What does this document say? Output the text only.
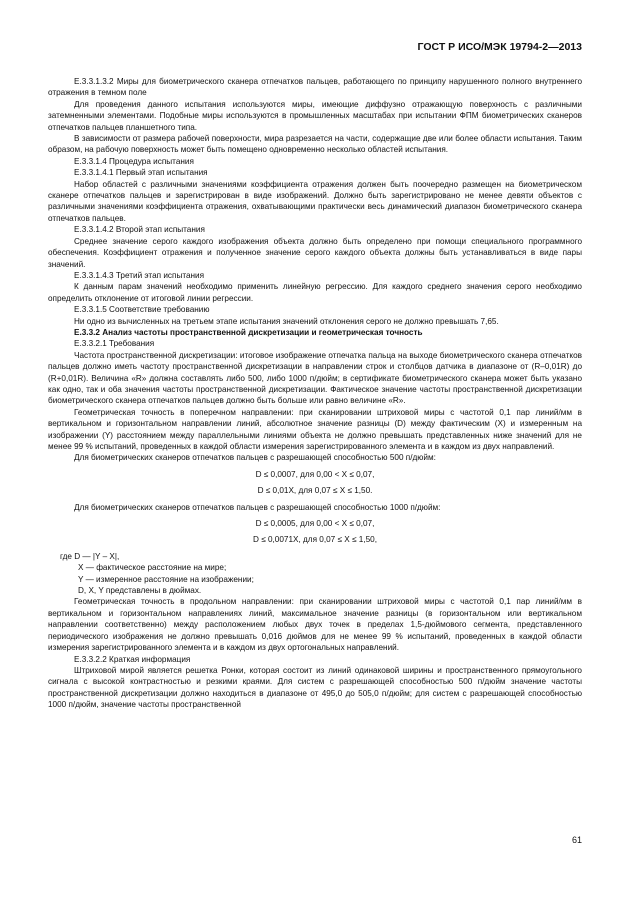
ГОСТ Р ИСО/МЭК 19794-2—2013

Е.3.3.1.3.2 Миры для биометрического сканера отпечатков пальцев, работающего по принципу нарушенного полного внутреннего отражения в темном поле

Для проведения данного испытания используются миры, имеющие диффузно отражающую поверхность с различными затемненными элементами. Подобные миры используются в промышленных масштабах при испытании ФПМ биометрических сканеров отпечатков пальцев планшетного типа.

В зависимости от размера рабочей поверхности, мира разрезается на части, содержащие две или более области испытания. Таким образом, на рабочую поверхность может быть помещено одновременно несколько областей испытания.

Е.3.3.1.4 Процедура испытания

Е.3.3.1.4.1 Первый этап испытания

Набор областей с различными значениями коэффициента отражения должен быть поочередно размещен на биометрическом сканере отпечатков пальцев и зарегистрирован в виде изображений. Должно быть зарегистрировано не менее девяти объектов с различными значениями коэффициента отражения, охватывающими практически весь динамический диапазон биометрического сканера отпечатков пальцев.

Е.3.3.1.4.2 Второй этап испытания

Среднее значение серого каждого изображения объекта должно быть определено при помощи специального программного обеспечения. Коэффициент отражения и полученное значение серого каждого объекта должны быть устанавливаться в виде пары значений.

Е.3.3.1.4.3 Третий этап испытания

К данным парам значений необходимо применить линейную регрессию. Для каждого среднего значения серого необходимо определить отклонение от итоговой линии регрессии.

Е.3.3.1.5 Соответствие требованию

Ни одно из вычисленных на третьем этапе испытания значений отклонения серого не должно превышать 7,65.

Е.3.3.2 Анализ частоты пространственной дискретизации и геометрическая точность

Е.3.3.2.1 Требования

Частота пространственной дискретизации: итоговое изображение отпечатка пальца на выходе биометрического сканера отпечатков пальцев должно иметь частоту пространственной дискретизации в направлении строк и столбцов датчика в диапазоне от (R–0,01R) до (R+0,01R). Величина «R» должна составлять либо 500, либо 1000 п/дюйм; в сертификате биометрического сканера может быть указано как одно, так и оба значения частоты пространственной дискретизации. Фактическое значение частоты пространственной дискретизации биометрического сканера отпечатков пальцев должно быть больше или равно величине «R».

Геометрическая точность в поперечном направлении: при сканировании штриховой миры с частотой 0,1 пар линий/мм в вертикальном и горизонтальном направлении линий, абсолютное значение разницы (D) между фактическим (X) и измеренным на изображении (Y) расстоянием между параллельными линиями объекта не должно превышать представленных ниже значений для не менее 99 % испытаний, проведенных в каждой области измерения зарегистрированного элемента и в каждом из двух направлений.

Для биометрических сканеров отпечатков пальцев с разрешающей способностью 500 п/дюйм:

D ≤ 0,0007, для 0,00 < X ≤ 0,07,

D ≤ 0,01X, для 0,07 ≤ X ≤ 1,50.

Для биометрических сканеров отпечатков пальцев с разрешающей способностью 1000 п/дюйм:

D ≤ 0,0005, для 0,00 < X ≤ 0,07,

D ≤ 0,0071X, для 0,07 ≤ X ≤ 1,50,

где D — |Y – X|,

X — фактическое расстояние на мире;

Y — измеренное расстояние на изображении;

D, X, Y представлены в дюймах.

Геометрическая точность в продольном направлении: при сканировании штриховой миры с частотой 0,1 пар линий/мм в вертикальном и горизонтальном направлениях линий, максимальное значение разницы (в горизонтальном или вертикальном направлении соответственно) между расположением любых двух точек в пределах 1,5-дюймового сегмента, представленного периодического изображения не должно превышать 0,016 дюймов для не менее 99 % испытаний, проведенных в каждой области измерения зарегистрированного элемента и в каждом из двух ортогональных направлений.

Е.3.3.2.2 Краткая информация

Штриховой мирой является решетка Ронки, которая состоит из линий одинаковой ширины и пространственного прямоугольного сигнала с высокой контрастностью и резкими краями. Для систем с разрешающей способностью 500 п/дюйм значение частоты пространственной дискретизации должно находиться в диапазоне от 495,0 до 505,0 п/дюйм; для систем с разрешающей способностью 1000 п/дюйм, значение частоты пространственной

61
